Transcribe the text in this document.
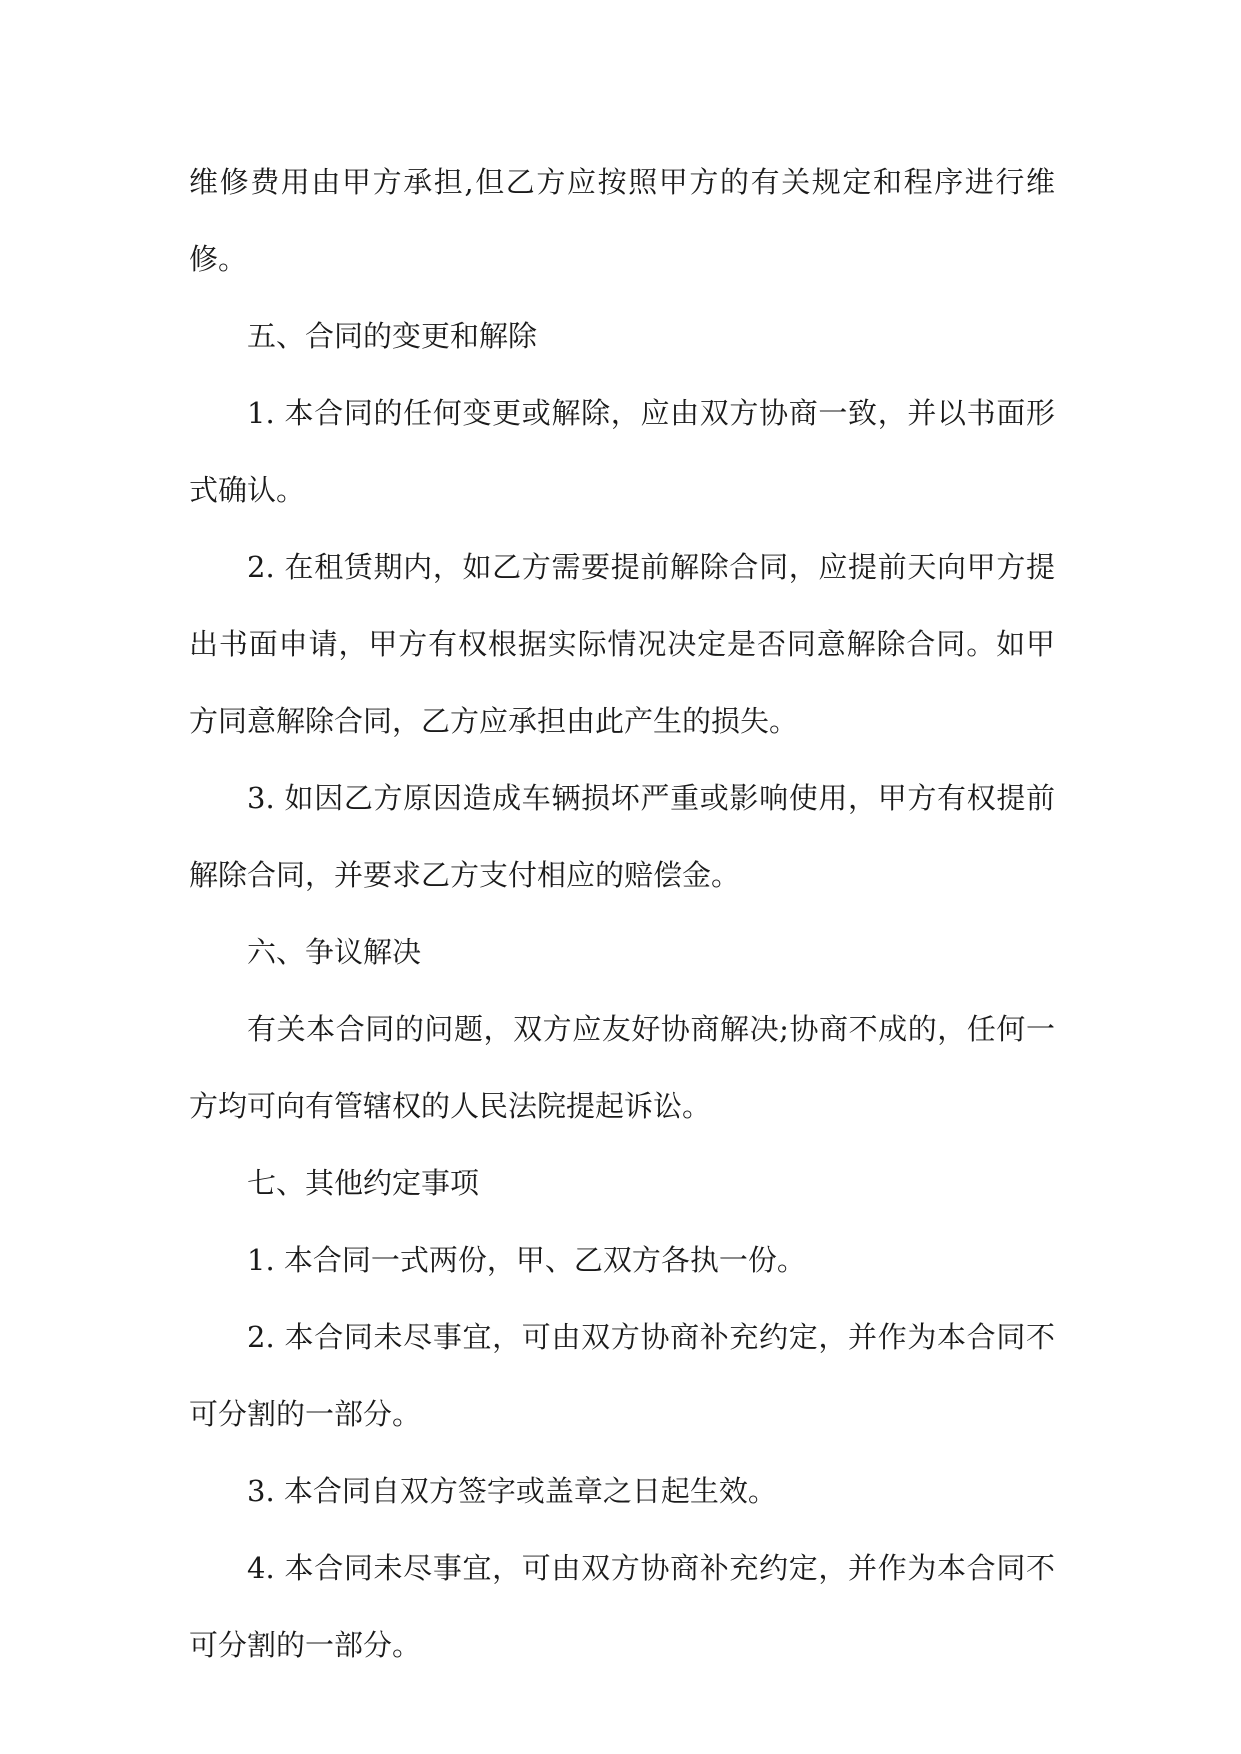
维修费用由甲方承担,但乙方应按照甲方的有关规定和程序进行维修。

五、合同的变更和解除

1. 本合同的任何变更或解除，应由双方协商一致，并以书面形式确认。

2. 在租赁期内，如乙方需要提前解除合同，应提前天向甲方提出书面申请，甲方有权根据实际情况决定是否同意解除合同。如甲方同意解除合同，乙方应承担由此产生的损失。

3. 如因乙方原因造成车辆损坏严重或影响使用，甲方有权提前解除合同，并要求乙方支付相应的赔偿金。

六、争议解决

有关本合同的问题，双方应友好协商解决;协商不成的，任何一方均可向有管辖权的人民法院提起诉讼。

七、其他约定事项

1. 本合同一式两份，甲、乙双方各执一份。

2. 本合同未尽事宜，可由双方协商补充约定，并作为本合同不可分割的一部分。

3. 本合同自双方签字或盖章之日起生效。

4. 本合同未尽事宜，可由双方协商补充约定，并作为本合同不可分割的一部分。
